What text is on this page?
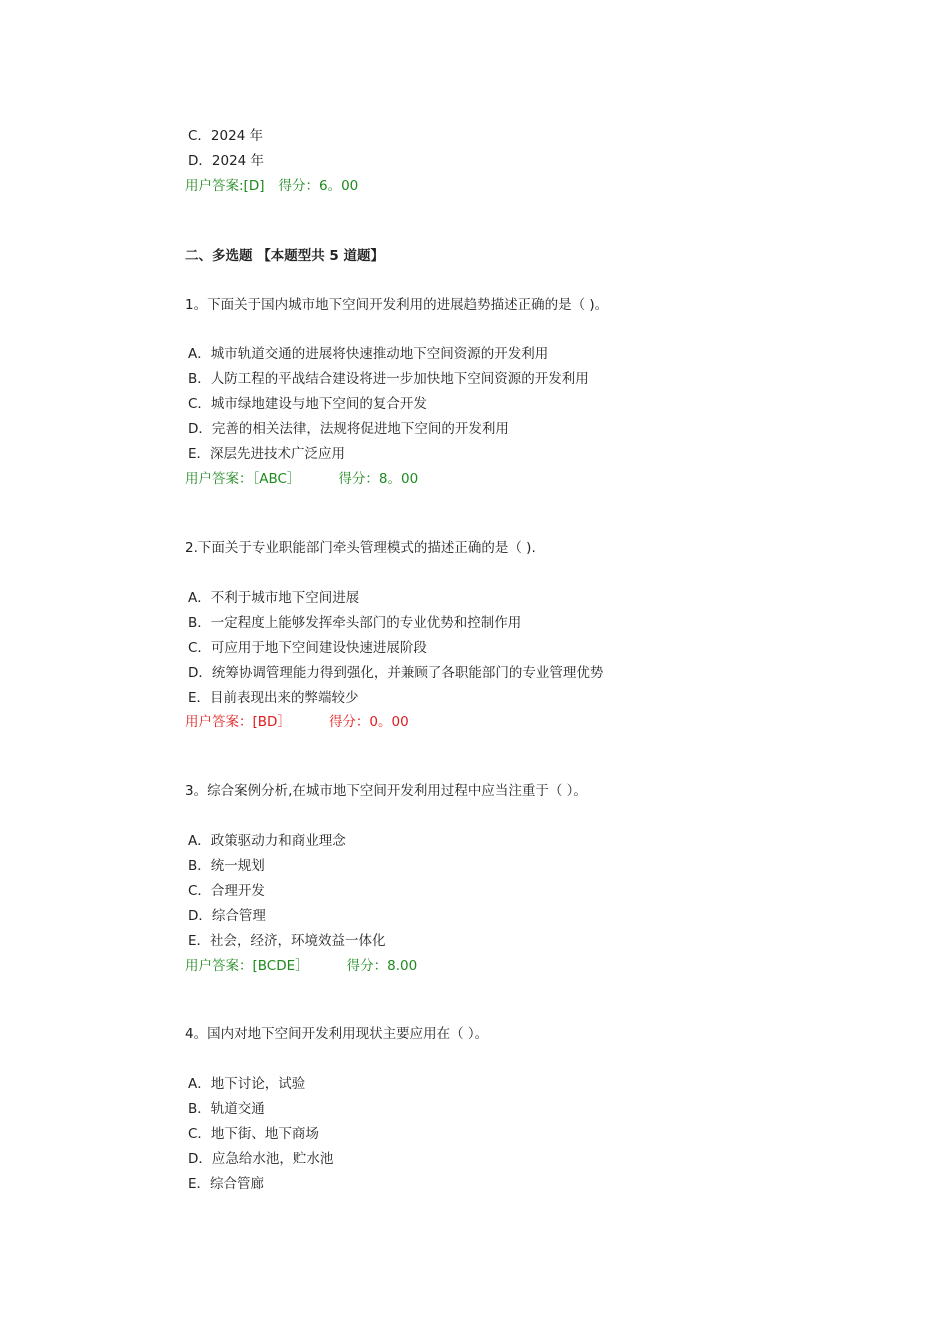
C．2024 年
D．2024 年
用户答案:[D] 得分：6。00
二、多选题 【本题型共 5 道题】
1。下面关于国内城市地下空间开发利用的进展趋势描述正确的是（ )。
A．城市轨道交通的进展将快速推动地下空间资源的开发利用
B．人防工程的平战结合建设将进一步加快地下空间资源的开发利用
C．城市绿地建设与地下空间的复合开发
D．完善的相关法律，法规将促进地下空间的开发利用
E．深层先进技术广泛应用
用户答案：［ABC］	得分：8。00
2.下面关于专业职能部门牵头管理模式的描述正确的是（ ).
A．不利于城市地下空间进展
B．一定程度上能够发挥牵头部门的专业优势和控制作用
C．可应用于地下空间建设快速进展阶段
D．统筹协调管理能力得到强化，并兼顾了各职能部门的专业管理优势
E．目前表现出来的弊端较少
用户答案：[BD］	得分：0。00
3。综合案例分析,在城市地下空间开发利用过程中应当注重于（ ）。
A．政策驱动力和商业理念
B．统一规划
C．合理开发
D．综合管理
E．社会，经济，环境效益一体化
用户答案：[BCDE］	得分：8.00
4。国内对地下空间开发利用现状主要应用在（ ）。
A．地下讨论，试验
B．轨道交通
C．地下街、地下商场
D．应急给水池，贮水池
E．综合管廊
